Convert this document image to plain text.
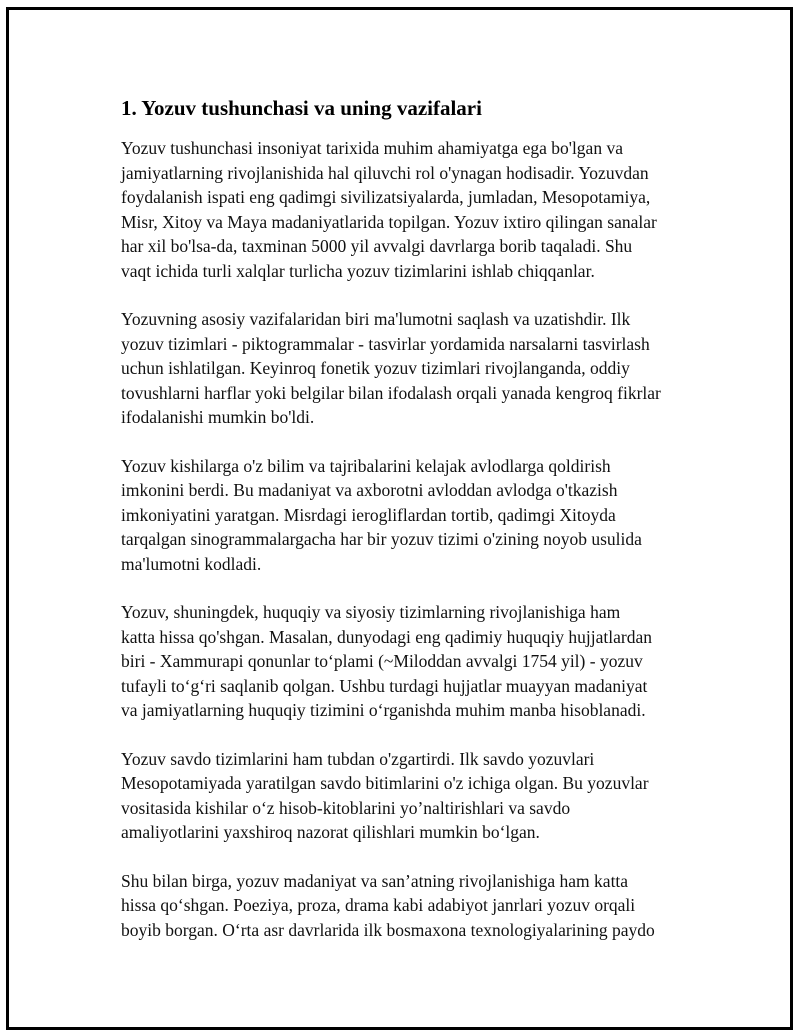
1. Yozuv tushunchasi va uning vazifalari

Yozuv tushunchasi insoniyat tarixida muhim ahamiyatga ega bo'lgan va
jamiyatlarning rivojlanishida hal qiluvchi rol o'ynagan hodisadir. Yozuvdan
foydalanish ispati eng qadimgi sivilizatsiyalarda, jumladan, Mesopotamiya,
Misr, Xitoy va Maya madaniyatlarida topilgan. Yozuv ixtiro qilingan sanalar
har xil bo'lsa-da, taxminan 5000 yil avvalgi davrlarga borib taqaladi. Shu
vaqt ichida turli xalqlar turlicha yozuv tizimlarini ishlab chiqqanlar.

Yozuvning asosiy vazifalaridan biri ma'lumotni saqlash va uzatishdir. Ilk
yozuv tizimlari - piktogrammalar - tasvirlar yordamida narsalarni tasvirlash
uchun ishlatilgan. Keyinroq fonetik yozuv tizimlari rivojlanganda, oddiy
tovushlarni harflar yoki belgilar bilan ifodalash orqali yanada kengroq fikrlar
ifodalanishi mumkin bo'ldi.

Yozuv kishilarga o'z bilim va tajribalarini kelajak avlodlarga qoldirish
imkonini berdi. Bu madaniyat va axborotni avloddan avlodga o'tkazish
imkoniyatini yaratgan. Misrdagi ierogliflardan tortib, qadimgi Xitoyda
tarqalgan sinogrammalargacha har bir yozuv tizimi o'zining noyob usulida
ma'lumotni kodladi.

Yozuv, shuningdek, huquqiy va siyosiy tizimlarning rivojlanishiga ham
katta hissa qo'shgan. Masalan, dunyodagi eng qadimiy huquqiy hujjatlardan
biri - Xammurapi qonunlar to‘plami (~Miloddan avvalgi 1754 yil) - yozuv
tufayli to‘g‘ri saqlanib qolgan. Ushbu turdagi hujjatlar muayyan madaniyat
va jamiyatlarning huquqiy tizimini o‘rganishda muhim manba hisoblanadi.

Yozuv savdo tizimlarini ham tubdan o'zgartirdi. Ilk savdo yozuvlari
Mesopotamiyada yaratilgan savdo bitimlarini o'z ichiga olgan. Bu yozuvlar
vositasida kishilar o‘z hisob-kitoblarini yo’naltirishlari va savdo
amaliyotlarini yaxshiroq nazorat qilishlari mumkin bo‘lgan.

Shu bilan birga, yozuv madaniyat va san’atning rivojlanishiga ham katta
hissa qo‘shgan. Poeziya, proza, drama kabi adabiyot janrlari yozuv orqali
boyib borgan. O‘rta asr davrlarida ilk bosmaxona texnologiyalarining paydo
